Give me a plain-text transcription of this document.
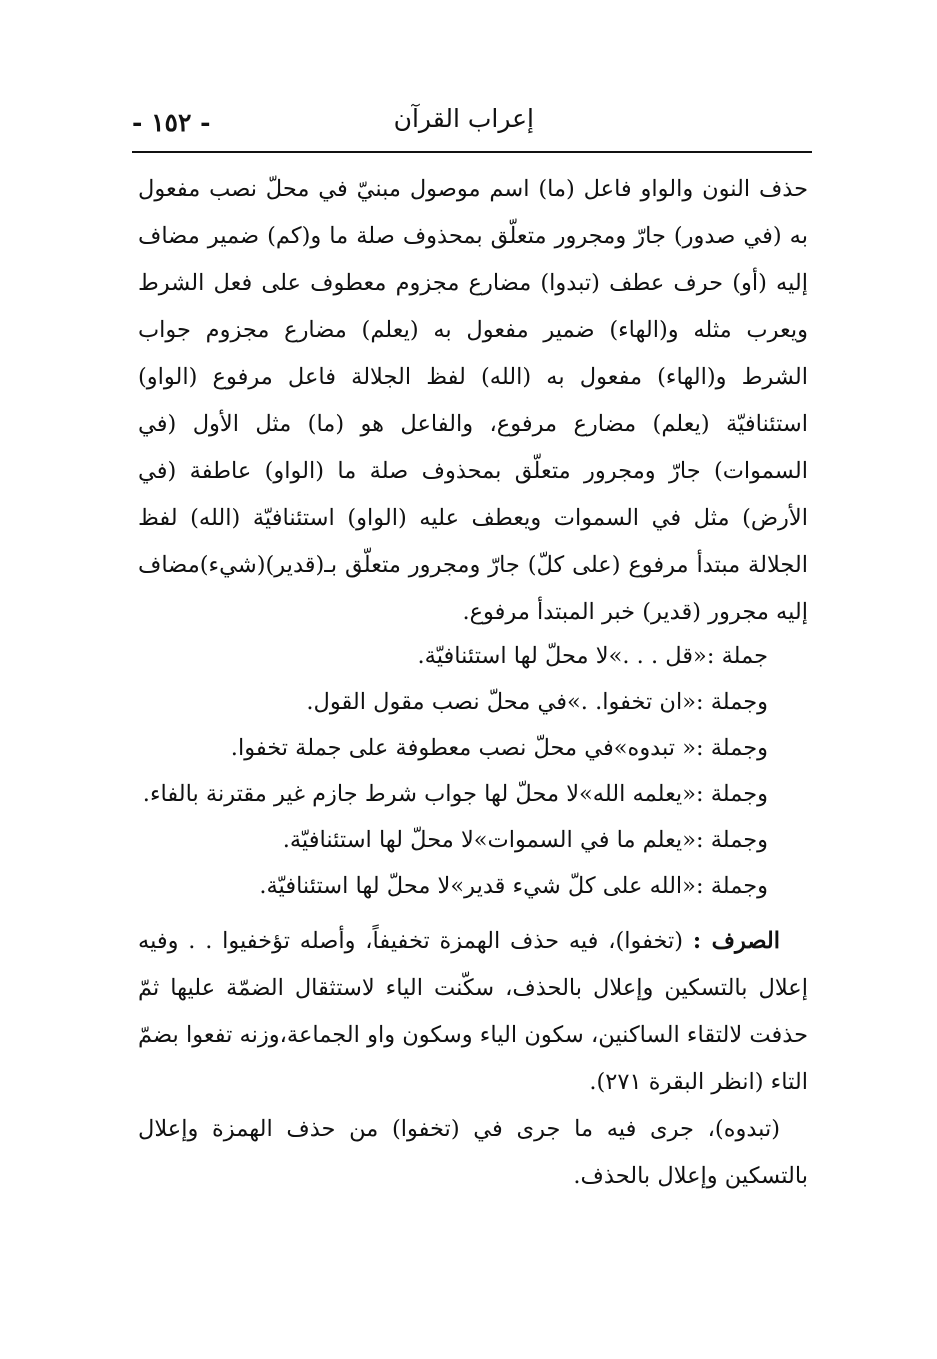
إعراب القرآن
- ١٥٢ -

حذف النون والواو فاعل (ما) اسم موصول مبنيّ في محلّ نصب مفعول به (في صدور) جارّ ومجرور متعلّق بمحذوف صلة ما و(كم) ضمير مضاف إليه (أو) حرف عطف (تبدوا) مضارع مجزوم معطوف على فعل الشرط ويعرب مثله و(الهاء) ضمير مفعول به (يعلم) مضارع مجزوم جواب الشرط و(الهاء) مفعول به (الله) لفظ الجلالة فاعل مرفوع (الواو) استئنافيّة (يعلم) مضارع مرفوع، والفاعل هو (ما) مثل الأول (في السموات) جارّ ومجرور متعلّق بمحذوف صلة ما (الواو) عاطفة (في الأرض) مثل في السموات ويعطف عليه (الواو) استئنافيّة (الله) لفظ الجلالة مبتدأ مرفوع (على كلّ) جارّ ومجرور متعلّق بـ(قدير)(شيء)مضاف إليه مجرور (قدير) خبر المبتدأ مرفوع.

جملة :«قل . . .»لا محلّ لها استئنافيّة.

وجملة :«ان تخفوا. .»في محلّ نصب مقول القول.

وجملة :« تبدوه»في محلّ نصب معطوفة على جملة تخفوا.

وجملة :«يعلمه الله»لا محلّ لها جواب شرط جازم غير مقترنة بالفاء.

وجملة :«يعلم ما في السموات»لا محلّ لها استئنافيّة.

وجملة :«الله على كلّ شيء قدير»لا محلّ لها استئنافيّة.

الصرف : (تخفوا)، فيه حذف الهمزة تخفيفاً، وأصله تؤخفيوا . . وفيه إعلال بالتسكين وإعلال بالحذف، سكّنت الياء لاستثقال الضمّة عليها ثمّ حذفت لالتقاء الساكنين، سكون الياء وسكون واو الجماعة،وزنه تفعوا بضمّ التاء (انظر البقرة ٢٧١).
(تبدوه)، جرى فيه ما جرى في (تخفوا) من حذف الهمزة وإعلال بالتسكين وإعلال بالحذف.
